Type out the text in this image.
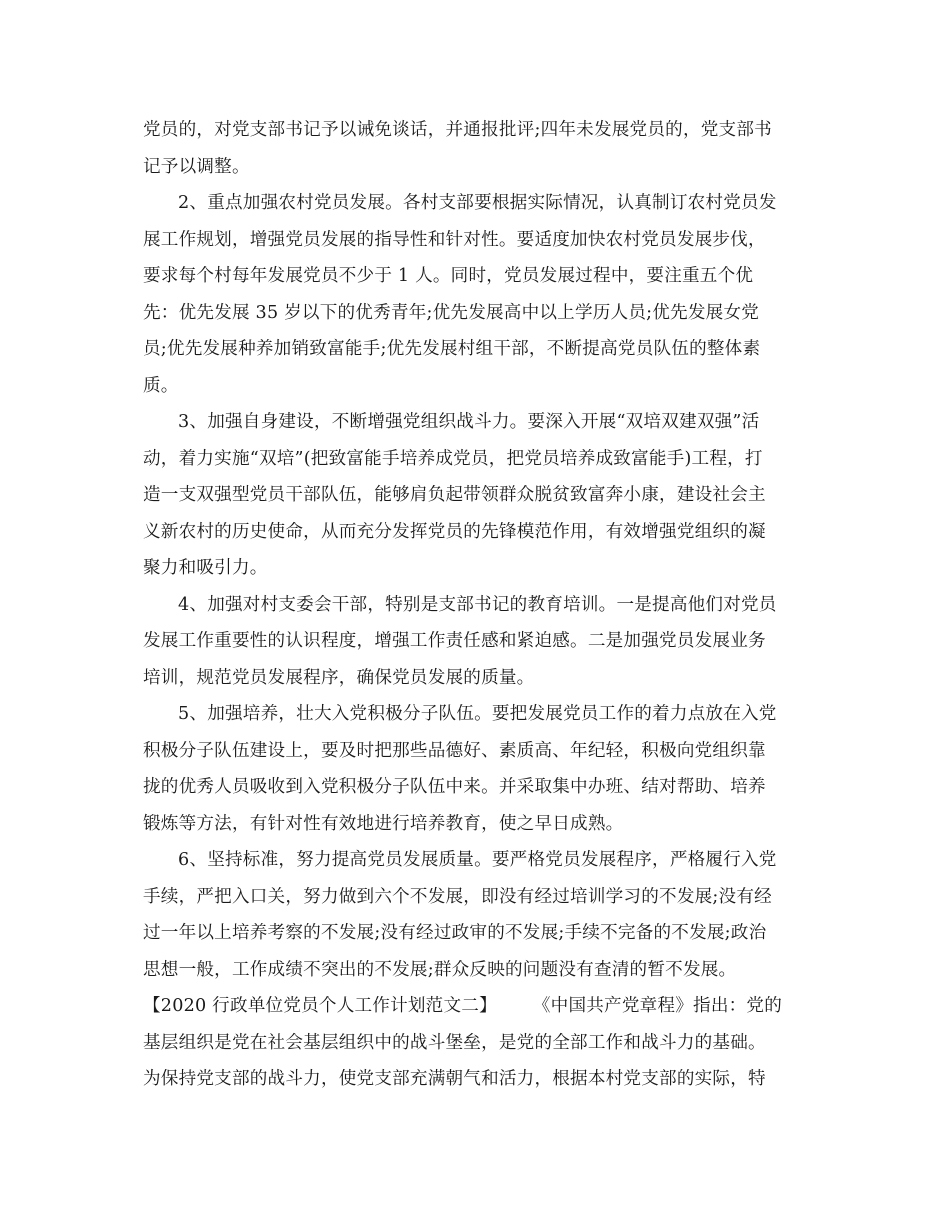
党员的，对党支部书记予以诫免谈话，并通报批评;四年未发展党员的，党支部书
记予以调整。
2、重点加强农村党员发展。各村支部要根据实际情况，认真制订农村党员发
展工作规划，增强党员发展的指导性和针对性。要适度加快农村党员发展步伐，
要求每个村每年发展党员不少于 1 人。同时，党员发展过程中，要注重五个优
先：优先发展 35 岁以下的优秀青年;优先发展高中以上学历人员;优先发展女党
员;优先发展种养加销致富能手;优先发展村组干部，不断提高党员队伍的整体素
质。
3、加强自身建设，不断增强党组织战斗力。要深入开展“双培双建双强”活
动，着力实施“双培”(把致富能手培养成党员，把党员培养成致富能手)工程，打
造一支双强型党员干部队伍，能够肩负起带领群众脱贫致富奔小康，建设社会主
义新农村的历史使命，从而充分发挥党员的先锋模范作用，有效增强党组织的凝
聚力和吸引力。
4、加强对村支委会干部，特别是支部书记的教育培训。一是提高他们对党员
发展工作重要性的认识程度，增强工作责任感和紧迫感。二是加强党员发展业务
培训，规范党员发展程序，确保党员发展的质量。
5、加强培养，壮大入党积极分子队伍。要把发展党员工作的着力点放在入党
积极分子队伍建设上，要及时把那些品德好、素质高、年纪轻，积极向党组织靠
拢的优秀人员吸收到入党积极分子队伍中来。并采取集中办班、结对帮助、培养
锻炼等方法，有针对性有效地进行培养教育，使之早日成熟。
6、坚持标准，努力提高党员发展质量。要严格党员发展程序，严格履行入党
手续，严把入口关，努力做到六个不发展，即没有经过培训学习的不发展;没有经
过一年以上培养考察的不发展;没有经过政审的不发展;手续不完备的不发展;政治
思想一般，工作成绩不突出的不发展;群众反映的问题没有查清的暂不发展。
【2020 行政单位党员个人工作计划范文二】 《中国共产党章程》指出：党的
基层组织是党在社会基层组织中的战斗堡垒，是党的全部工作和战斗力的基础。
为保持党支部的战斗力，使党支部充满朝气和活力，根据本村党支部的实际，特
